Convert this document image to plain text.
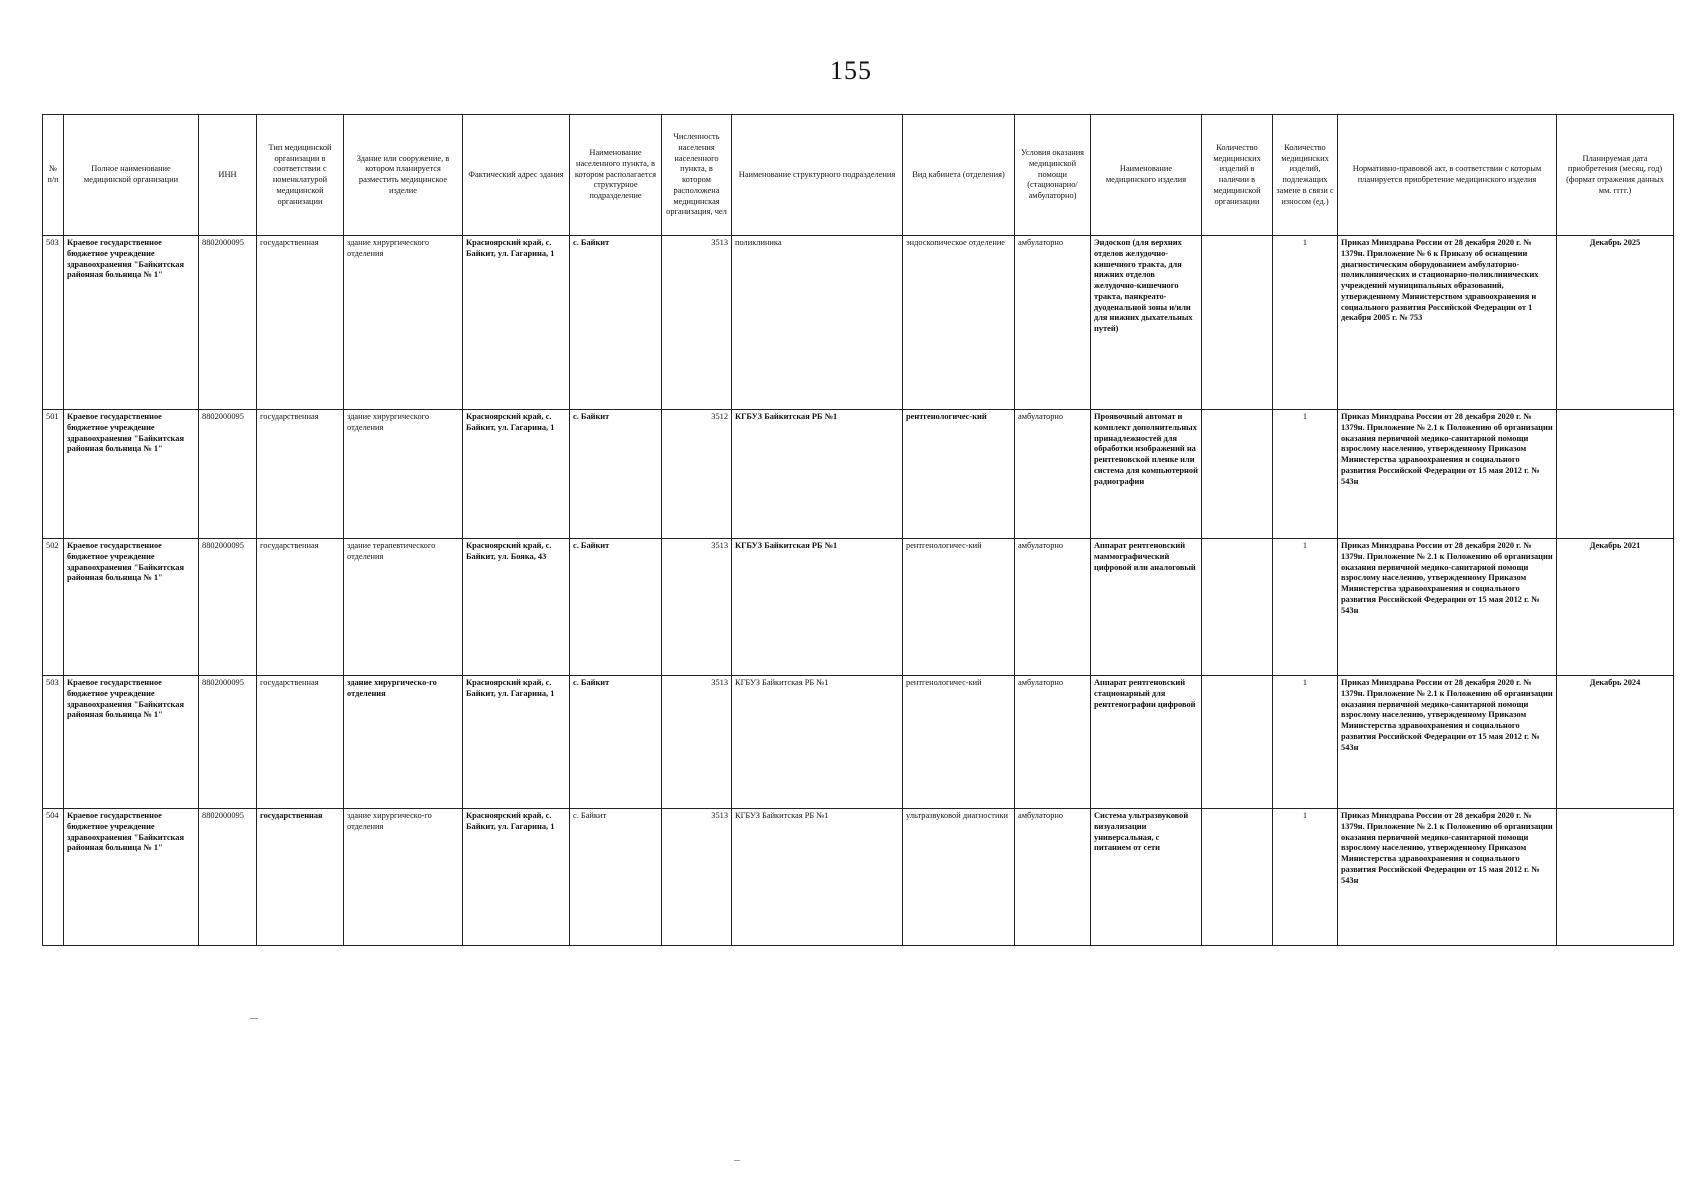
155
№ п/п	Полное наименование медицинской организации	ИНН	Тип медицинской организации в соответствии с номенклатурой медицинской организации	Здание или сооружение, в котором планируется разместить медицинское изделие	Фактический адрес здания	Наименование населенного пункта, в котором располагается структурное подразделение	Численность населения населенного пункта, в котором расположена медицинская организация, чел	Наименование структурного подразделения	Вид кабинета (отделения)	Условия оказания медицинской помощи (стационарно/ амбулаторно)	Наименование медицинского изделия	Количество медицинских изделий в наличии в медицинской организации	Количество медицинских изделий, подлежащих замене в связи с износом (ед.)	Нормативно-правовой акт, в соответствии с которым планируется приобретение медицинского изделия	Планируемая дата приобретения (месяц, год) (формат отражения данных мм. гггг.)
503	Краевое государственное бюджетное учреждение здравоохранения "Байкитская районная больница № 1"	8802000095	государственная	здание хирургического отделения	Красноярский край, с. Байкит, ул. Гагарина, 1	с. Байкит	3513	поликлиника	эндоскопическое отделение	амбулаторно	Эндоскоп (для верхних отделов желудочно-кишечного тракта, для нижних отделов желудочно-кишечного тракта, панкреато-дуоденальной зоны и/или для нижних дыхательных путей)		1	Приказ Минздрава России от 28 декабря 2020 г. № 1379н. Приложение № 6 к Приказу об оснащении диагностическим оборудованием амбулаторно-поликлинических и стационарно-поликлинических учреждений муниципальных образований, утвержденному Министерством здравоохранения и социального развития Российской Федерации от 1 декабря 2005 г. № 753	Декабрь 2025
501	Краевое государственное бюджетное учреждение здравоохранения "Байкитская районная больница № 1"	8802000095	государственная	здание хирургического отделения	Красноярский край, с. Байкит, ул. Гагарина, 1	с. Байкит	3512	КГБУЗ Байкитская РБ №1	рентгенологичес-кий	амбулаторно	Проявочный автомат и комплект дополнительных принадлежностей для обработки изображений на рентгеновской пленке или система для компьютерной радиографии		1	Приказ Минздрава России от 28 декабря 2020 г. № 1379н. Приложение № 2.1 к Положению об организации оказания первичной медико-санитарной помощи взрослому населению, утвержденному Приказом Министерства здравоохранения и социального развития Российской Федерации от 15 мая 2012 г. № 543н	
502	Краевое государственное бюджетное учреждение здравоохранения "Байкитская районная больница № 1"	8802000095	государственная	здание терапевтического отделения	Красноярский край, с. Байкит, ул. Бояка, 43	с. Байкит	3513	КГБУЗ Байкитская РБ №1	рентгенологичес-кий	амбулаторно	Аппарат рентгеновский маммографический цифровой или аналоговый		1	Приказ Минздрава России от 28 декабря 2020 г. № 1379н. Приложение № 2.1 к Положению об организации оказания первичной медико-санитарной помощи взрослому населению, утвержденному Приказом Министерства здравоохранения и социального развития Российской Федерации от 15 мая 2012 г. № 543н	Декабрь 2021
503	Краевое государственное бюджетное учреждение здравоохранения "Байкитская районная больница № 1"	8802000095	государственная	здание хирургическо-го отделения	Красноярский край, с. Байкит, ул. Гагарина, 1	с. Байкит	3513	КГБУЗ Байкитская РБ №1	рентгенологичес-кий	амбулаторно	Аппарат рентгеновский стационарный для рентгенографии цифровой		1	Приказ Минздрава России от 28 декабря 2020 г. № 1379н. Приложение № 2.1 к Положению об организации оказания первичной медико-санитарной помощи взрослому населению, утвержденному Приказом Министерства здравоохранения и социального развития Российской Федерации от 15 мая 2012 г. № 543н	Декабрь 2024
504	Краевое государственное бюджетное учреждение здравоохранения "Байкитская районная больница № 1"	8802000095	государственная	здание хирургическо-го отделения	Красноярский край, с. Байкит, ул. Гагарина, 1	с. Байкит	3513	КГБУЗ Байкитская РБ №1	ультразвуковой диагностики	амбулаторно	Система ультразвуковой визуализации универсальная, с питанием от сети		1	Приказ Минздрава России от 28 декабря 2020 г. № 1379н. Приложение № 2.1 к Положению об организации оказания первичной медико-санитарной помощи взрослому населению, утвержденному Приказом Министерства здравоохранения и социального развития Российской Федерации от 15 мая 2012 г. № 543н	
